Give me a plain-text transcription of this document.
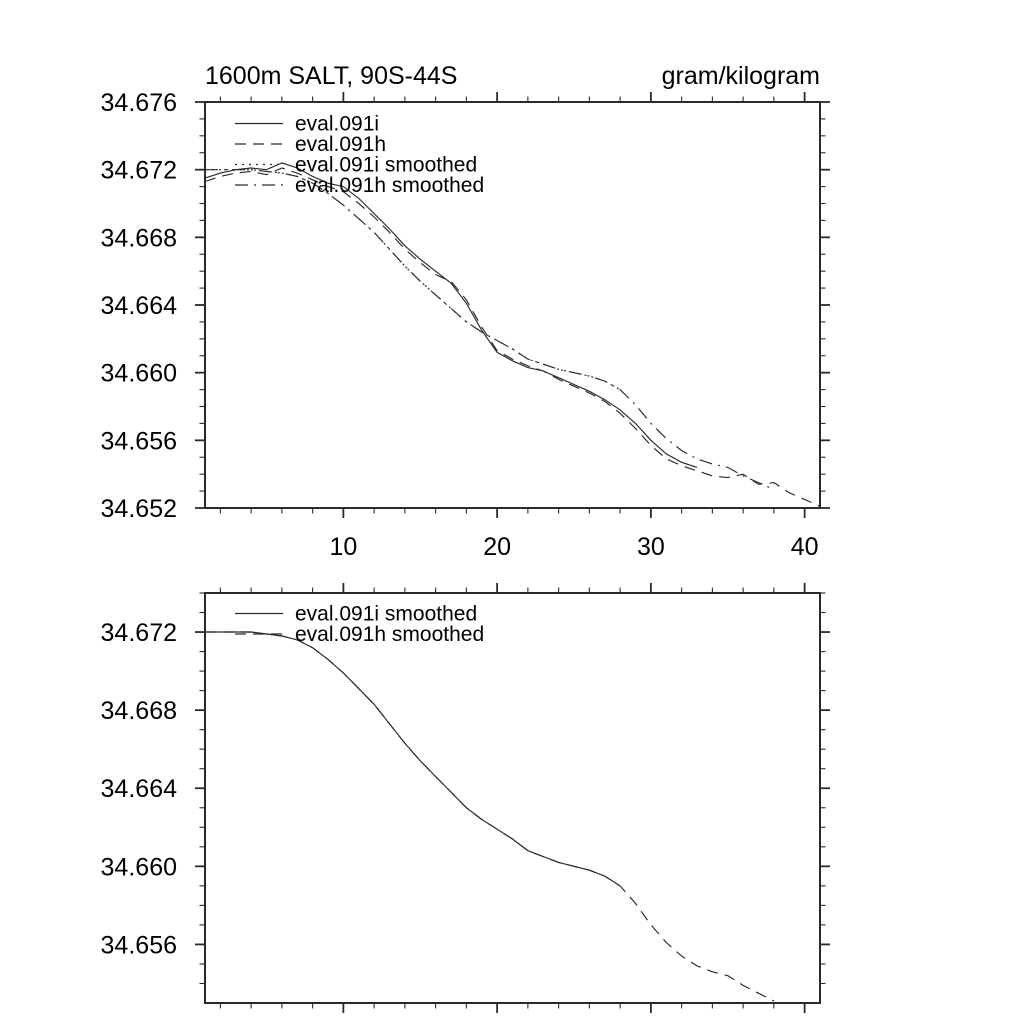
1600m SALT, 90S-44S	gram/kilogram
10	20	30	40
34.676
34.672
34.668
34.664
34.660
34.656
34.652
eval.091i
eval.091h
eval.091i smoothed
eval.091h smoothed
34.672
34.668
34.664
34.660
34.656
eval.091i smoothed
eval.091h smoothed
